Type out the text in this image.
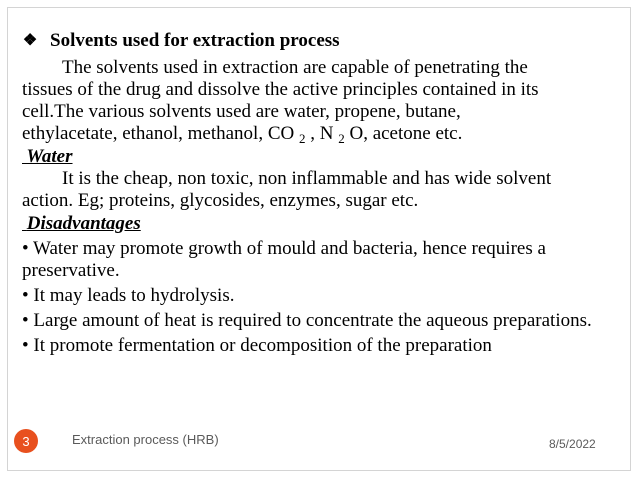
❖ Solvents used for extraction process

The solvents used in extraction are capable of penetrating the

tissues of the drug and dissolve the active principles contained in its

cell.The various solvents used are water, propene, butane,

ethylacetate, ethanol, methanol, CO $_2$ , N $_2$ O, acetone etc.

Water

It is the cheap, non toxic, non inflammable and has wide solvent

action. Eg; proteins, glycosides, enzymes, sugar etc.

Disadvantages

• Water may promote growth of mould and bacteria, hence requires a preservative.

• It may leads to hydrolysis.

• Large amount of heat is required to concentrate the aqueous preparations.

• It promote fermentation or decomposition of the preparation

3	Extraction process (HRB)	8/5/2022
